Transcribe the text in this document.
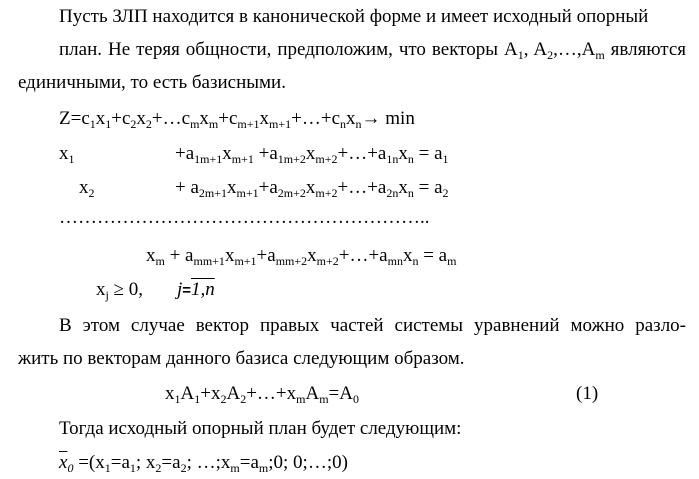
Пусть ЗЛП находится в канонической форме и имеет исходный опорный
план. Не теряя общности, предположим, что векторы $A_1$, $A_2,\dots,A_m$ являются
единичными, то есть базисными.
$Z=c_1x_1+c_2x_2+\dots c_mx_m+c_{m+1}x_{m+1}+\dots+c_nx_n\to \min$
$x_1$	$+a_{1m+1}x_{m+1}$ $+a_{1m+2}x_{m+2}+\dots+a_{1n}x_n = a_1$
$x_2$	+ $a_{2m+1}x_{m+1}+a_{2m+2}x_{m+2}+\dots+a_{2n}x_n = a_2$
…………………………………………………..
$x_m$ + $a_{mm+1}x_{m+1}+a_{mm+2}x_{m+2}+\dots+a_{mn}x_n = a_m$
$x_j \ge 0$, j=1,n
В этом случае вектор правых частей системы уравнений можно разло-
жить по векторам данного базиса следующим образом.
$x_1A_1+x_2A_2+\dots+x_mA_m=A_0$	(1)
Тогда исходный опорный план будет следующим:
$\overline{x}_0 =(x_1=a_1$; $x_2=a_2$; $\dots;x_m=a_m;0$; 0;…;0)
